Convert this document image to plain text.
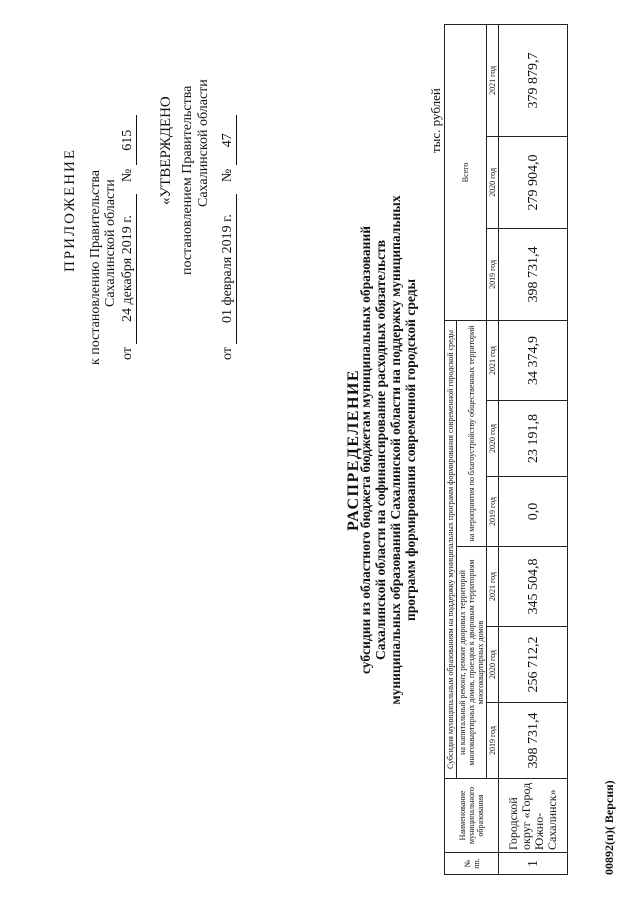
ПРИЛОЖЕНИЕ к постановлению Правительства Сахалинской области
от 24 декабря 2019 г. № 615 «УТВЕРЖДЕНО постановлением Правительства Сахалинской области
от 01 февраля 2019 г. № 47
РАСПРЕДЕЛЕНИЕ
субсидии из областного бюджета бюджетам муниципальных образований Сахалинской области на софинансирование расходных обязательств муниципальных образований Сахалинской области на поддержку муниципальных программ формирования современной городской среды
тыс. рублей
№ пп.	Наименование муниципального образования	Субсидия муниципальным образованиям на поддержку муниципальных программ формирования современной городской среды						Всего		
		на капитальный ремонт, ремонт дворовых территорий многоквартирных домов, проездов к дворовым территориям многоквартирных домов			на мероприятия по благоустройству общественных территорий					
		2019 год	2020 год	2021 год	2019 год	2020 год	2021 год	2019 год	2020 год	2021 год
1	Городской округ «Город Южно-Сахалинск»	398 731,4	256 712,2	345 504,8	0,0	23 191,8	34 374,9	398 731,4	279 904,0	379 879,7
00892(п)( Версия)
